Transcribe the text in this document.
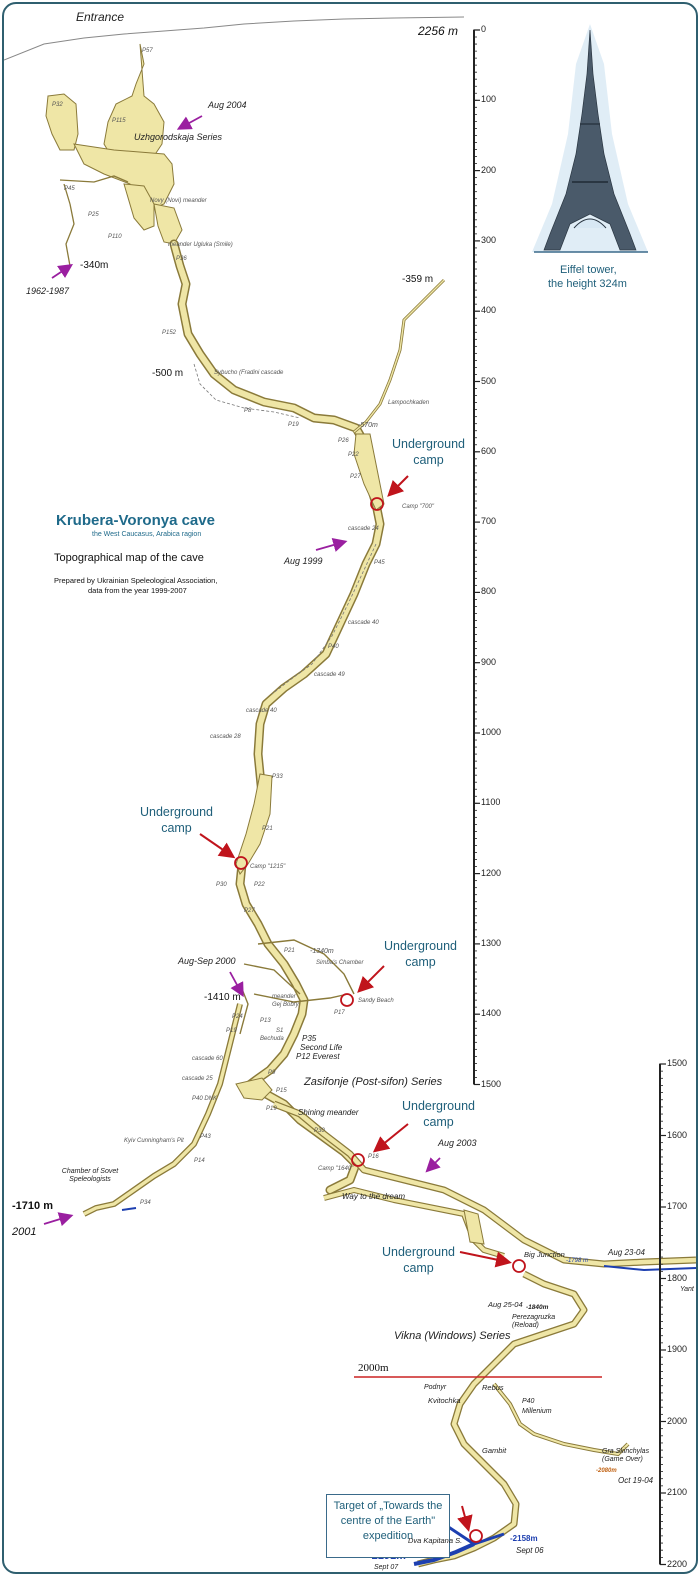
Entrance
2256 m
Eiffel tower,
the height 324m
Krubera-Voronya cave
the West Caucasus, Arabica ragion
Topographical map of the cave
Prepared by Ukrainian Speleological Association,
data from the year 1999-2007
-340m
-359 m
-500 m
-570m
-1340m
-1410 m
-1710 m
-1798 m
-1840m
-2080m
-2158m
2000m
Aug 2004
1962-1987
Aug 1999
Aug-Sep 2000
Aug 2003
2001
Aug 23-04
Aug 25-04
Oct 19-04
Sept 06
Sept 07
Underground
camp
Underground
camp
Underground
camp
Underground
camp
Underground
camp
Target of „Towards the
centre of the Earth"
expedition
Uzhgorodskaja Series
Zasifonje (Post-sifon) Series
Vikna (Windows) Series
Shining meander
Way to the dream
Big Junction
Perezagruzka (Reload)
Rebus
Kvitochka	P40
Millenium
Podnyr
Gambit	Gra Skinchylas (Game Over)
Dva Kapitana S.
P35
Second Life
P12 Everest
Chamber of Sovet Speleologists
Yant
P57
P32
P115
P45
P25
P110
P36
P152
Sybucho (Fradini cascade
P8
P19
Lampochkaden
Novy (Novi) meander
meander Ugluka (Smile)
P26
P22
P27
Camp "700"
cascade 24
P45
cascade 40
P40
cascade 49
cascade 40
cascade 28
P33
P21
Camp "1215"
P30	P22
P27
P21
Simba's Chamber
Sandy Beach
meander
Gej Bobry
P17
P24
P13
P19	S1
Bechuda
cascade 60
cascade 25
P40 DNK
P43
Kyiv Cunningham's Pit
P14
P34
P15
P19
P9
P30
P16
Camp "1640"
0
100
200
300
400
500
600
700
800
900
1000
1100
1200
1300
1400
1500
1500
1600
1700
1800
1900
2000
2100
2200
